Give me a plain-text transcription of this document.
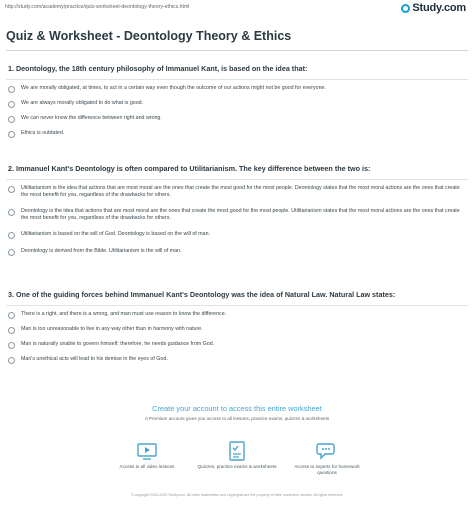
http://study.com/academy/practice/quiz-worksheet-deontology-theory-ethics.html	Study.com
Quiz & Worksheet - Deontology Theory & Ethics
1. Deontology, the 18th century philosophy of Immanuel Kant, is based on the idea that:
We are morally obligated, at times, to act in a certain way even though the outcome of our actions might not be good for everyone.
We are always morally obligated to do what is good.
We can never know the difference between right and wrong.
Ethics is outdated.
2. Immanuel Kant's Deontology is often compared to Utilitarianism. The key difference between the two is:
Utilitarianism is the idea that actions that are most moral are the ones that create the most good for the most people. Deontology states that the most moral actions are the ones that create the most benefit for you, regardless of the drawbacks for others.
Deontology is the idea that actions that are most moral are the ones that create the most good for the most people. Utilitarianism states that the most moral actions are the ones that create the most benefit for you, regardless of the drawbacks for others.
Utilitarianism is based on the will of God. Deontology is based on the will of man.
Deontology is derived from the Bible. Utilitarianism is the will of man.
3. One of the guiding forces behind Immanuel Kant's Deontology was the idea of Natural Law. Natural Law states:
There is a right, and there is a wrong, and man must use reason to know the difference.
Man is too unreasonable to live in any way other than in harmony with nature.
Man is naturally unable to govern himself; therefore, he needs guidance from God.
Man's unethical acts will lead to his demise in the eyes of God.
Create your account to access this entire worksheet
A Premium account gives you access to all lessons, practice exams, quizzes & worksheets
Access to all video lessons	Quizzes, practice exams & worksheets	Access to experts for homework questions
© copyright 2003-2020 Study.com. All other trademarks and copyrights are the property of their respective owners. All rights reserved.
